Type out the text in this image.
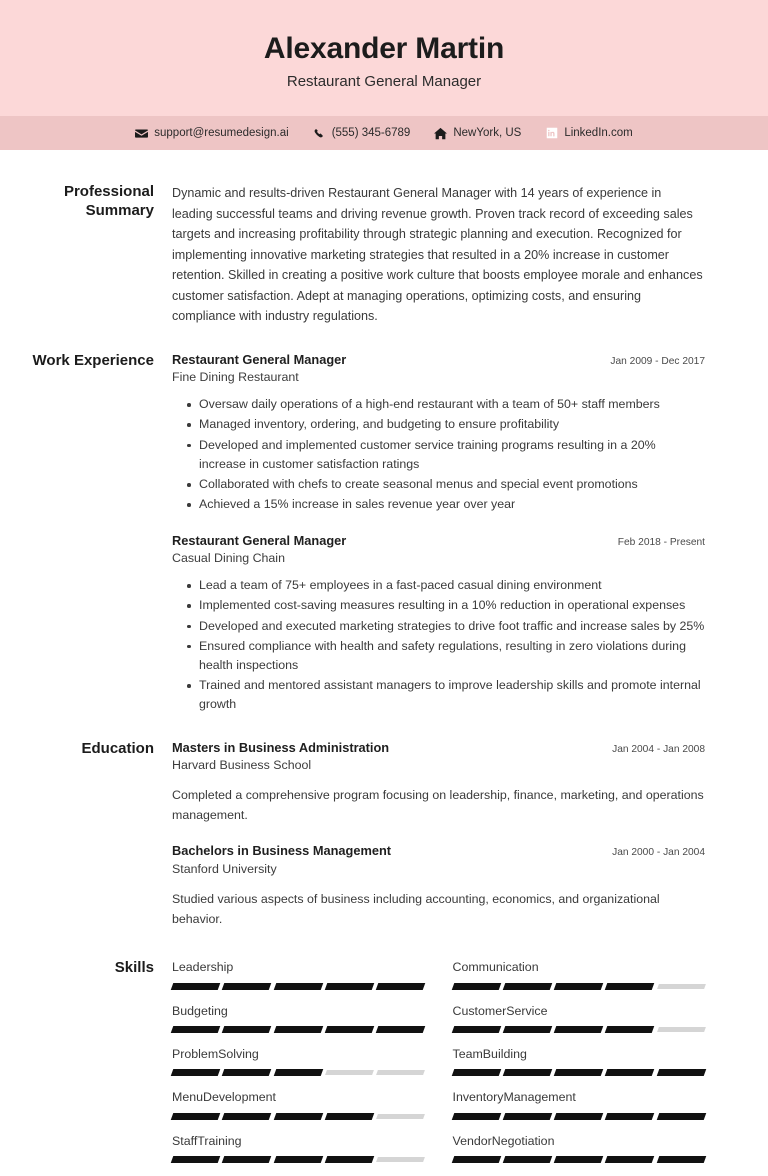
Alexander Martin
Restaurant General Manager
support@resumedesign.ai	(555) 345-6789	NewYork, US	LinkedIn.com
Professional Summary

Dynamic and results-driven Restaurant General Manager with 14 years of experience in leading successful teams and driving revenue growth. Proven track record of exceeding sales targets and increasing profitability through strategic planning and execution. Recognized for implementing innovative marketing strategies that resulted in a 20% increase in customer retention. Skilled in creating a positive work culture that boosts employee morale and enhances customer satisfaction. Adept at managing operations, optimizing costs, and ensuring compliance with industry regulations.

Work Experience	Restaurant General Manager	Jan 2009 - Dec 2017
Fine Dining Restaurant
Oversaw daily operations of a high-end restaurant with a team of 50+ staff members
Managed inventory, ordering, and budgeting to ensure profitability
Developed and implemented customer service training programs resulting in a 20% increase in customer satisfaction ratings
Collaborated with chefs to create seasonal menus and special event promotions
Achieved a 15% increase in sales revenue year over year
Restaurant General Manager	Feb 2018 - Present
Casual Dining Chain
Lead a team of 75+ employees in a fast-paced casual dining environment
Implemented cost-saving measures resulting in a 10% reduction in operational expenses
Developed and executed marketing strategies to drive foot traffic and increase sales by 25%
Ensured compliance with health and safety regulations, resulting in zero violations during health inspections
Trained and mentored assistant managers to improve leadership skills and promote internal growth
Education	Masters in Business Administration	Jan 2004 - Jan 2008
Harvard Business School

Completed a comprehensive program focusing on leadership, finance, marketing, and operations management.

Bachelors in Business Management	Jan 2000 - Jan 2004
Stanford University

Studied various aspects of business including accounting, economics, and organizational behavior.

Skills	Leadership	Communication
Budgeting	CustomerService
ProblemSolving	TeamBuilding
MenuDevelopment	InventoryManagement
StaffTraining	VendorNegotiation
